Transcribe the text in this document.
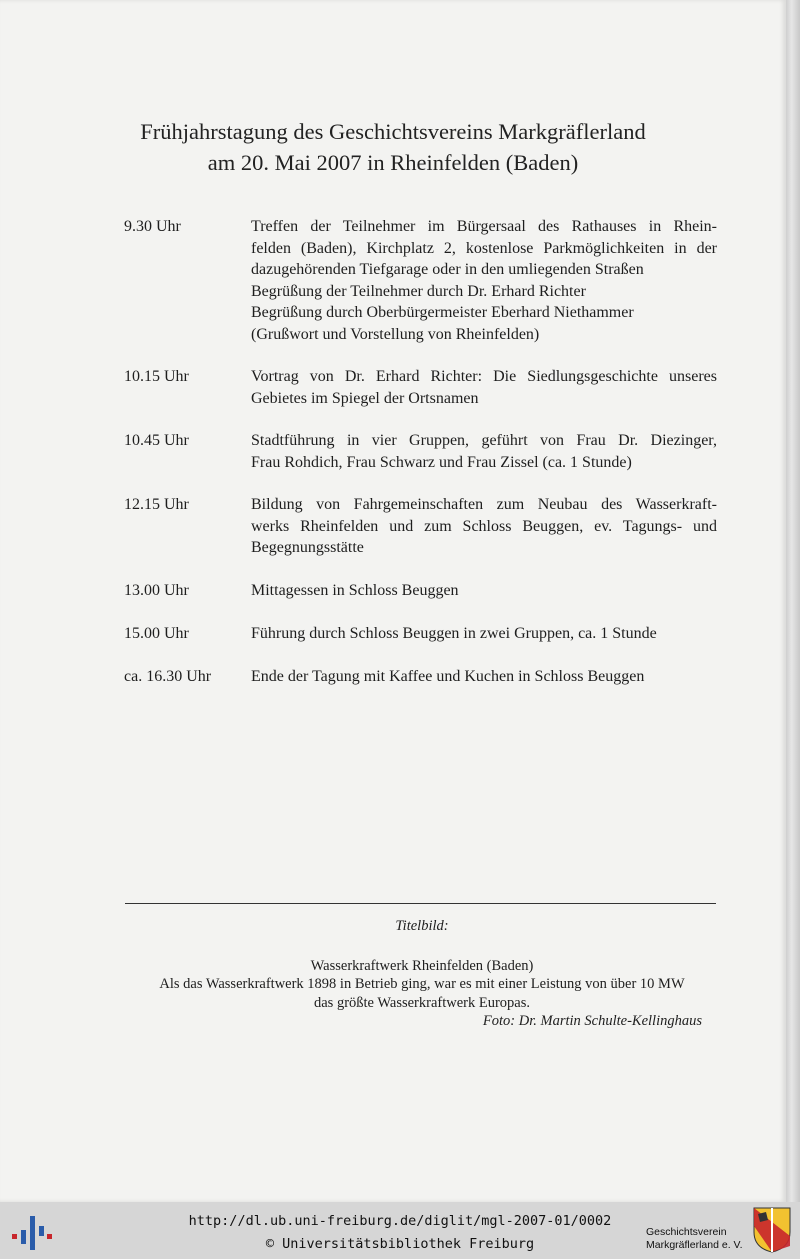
Frühjahrstagung des Geschichtsvereins Markgräflerland
am 20. Mai 2007 in Rheinfelden (Baden)
9.30 Uhr	Treffen der Teilnehmer im Bürgersaal des Rathauses in Rhein-
felden (Baden), Kirchplatz 2, kostenlose Parkmöglichkeiten in der
dazugehörenden Tiefgarage oder in den umliegenden Straßen
Begrüßung der Teilnehmer durch Dr. Erhard Richter
Begrüßung durch Oberbürgermeister Eberhard Niethammer
(Grußwort und Vorstellung von Rheinfelden)
10.15 Uhr	Vortrag von Dr. Erhard Richter: Die Siedlungsgeschichte unseres
Gebietes im Spiegel der Ortsnamen
10.45 Uhr	Stadtführung in vier Gruppen, geführt von Frau Dr. Diezinger,
Frau Rohdich, Frau Schwarz und Frau Zissel (ca. 1 Stunde)
12.15 Uhr	Bildung von Fahrgemeinschaften zum Neubau des Wasserkraft-
werks Rheinfelden und zum Schloss Beuggen, ev. Tagungs- und
Begegnungsstätte
13.00 Uhr	Mittagessen in Schloss Beuggen
15.00 Uhr	Führung durch Schloss Beuggen in zwei Gruppen, ca. 1 Stunde
ca. 16.30 Uhr	Ende der Tagung mit Kaffee und Kuchen in Schloss Beuggen
Titelbild:
Wasserkraftwerk Rheinfelden (Baden)
Als das Wasserkraftwerk 1898 in Betrieb ging, war es mit einer Leistung von über 10 MW
das größte Wasserkraftwerk Europas.
Foto: Dr. Martin Schulte-Kellinghaus
http://dl.ub.uni-freiburg.de/diglit/mgl-2007-01/0002
© Universitätsbibliothek Freiburg
Geschichtsverein
Markgräflerland e. V.
